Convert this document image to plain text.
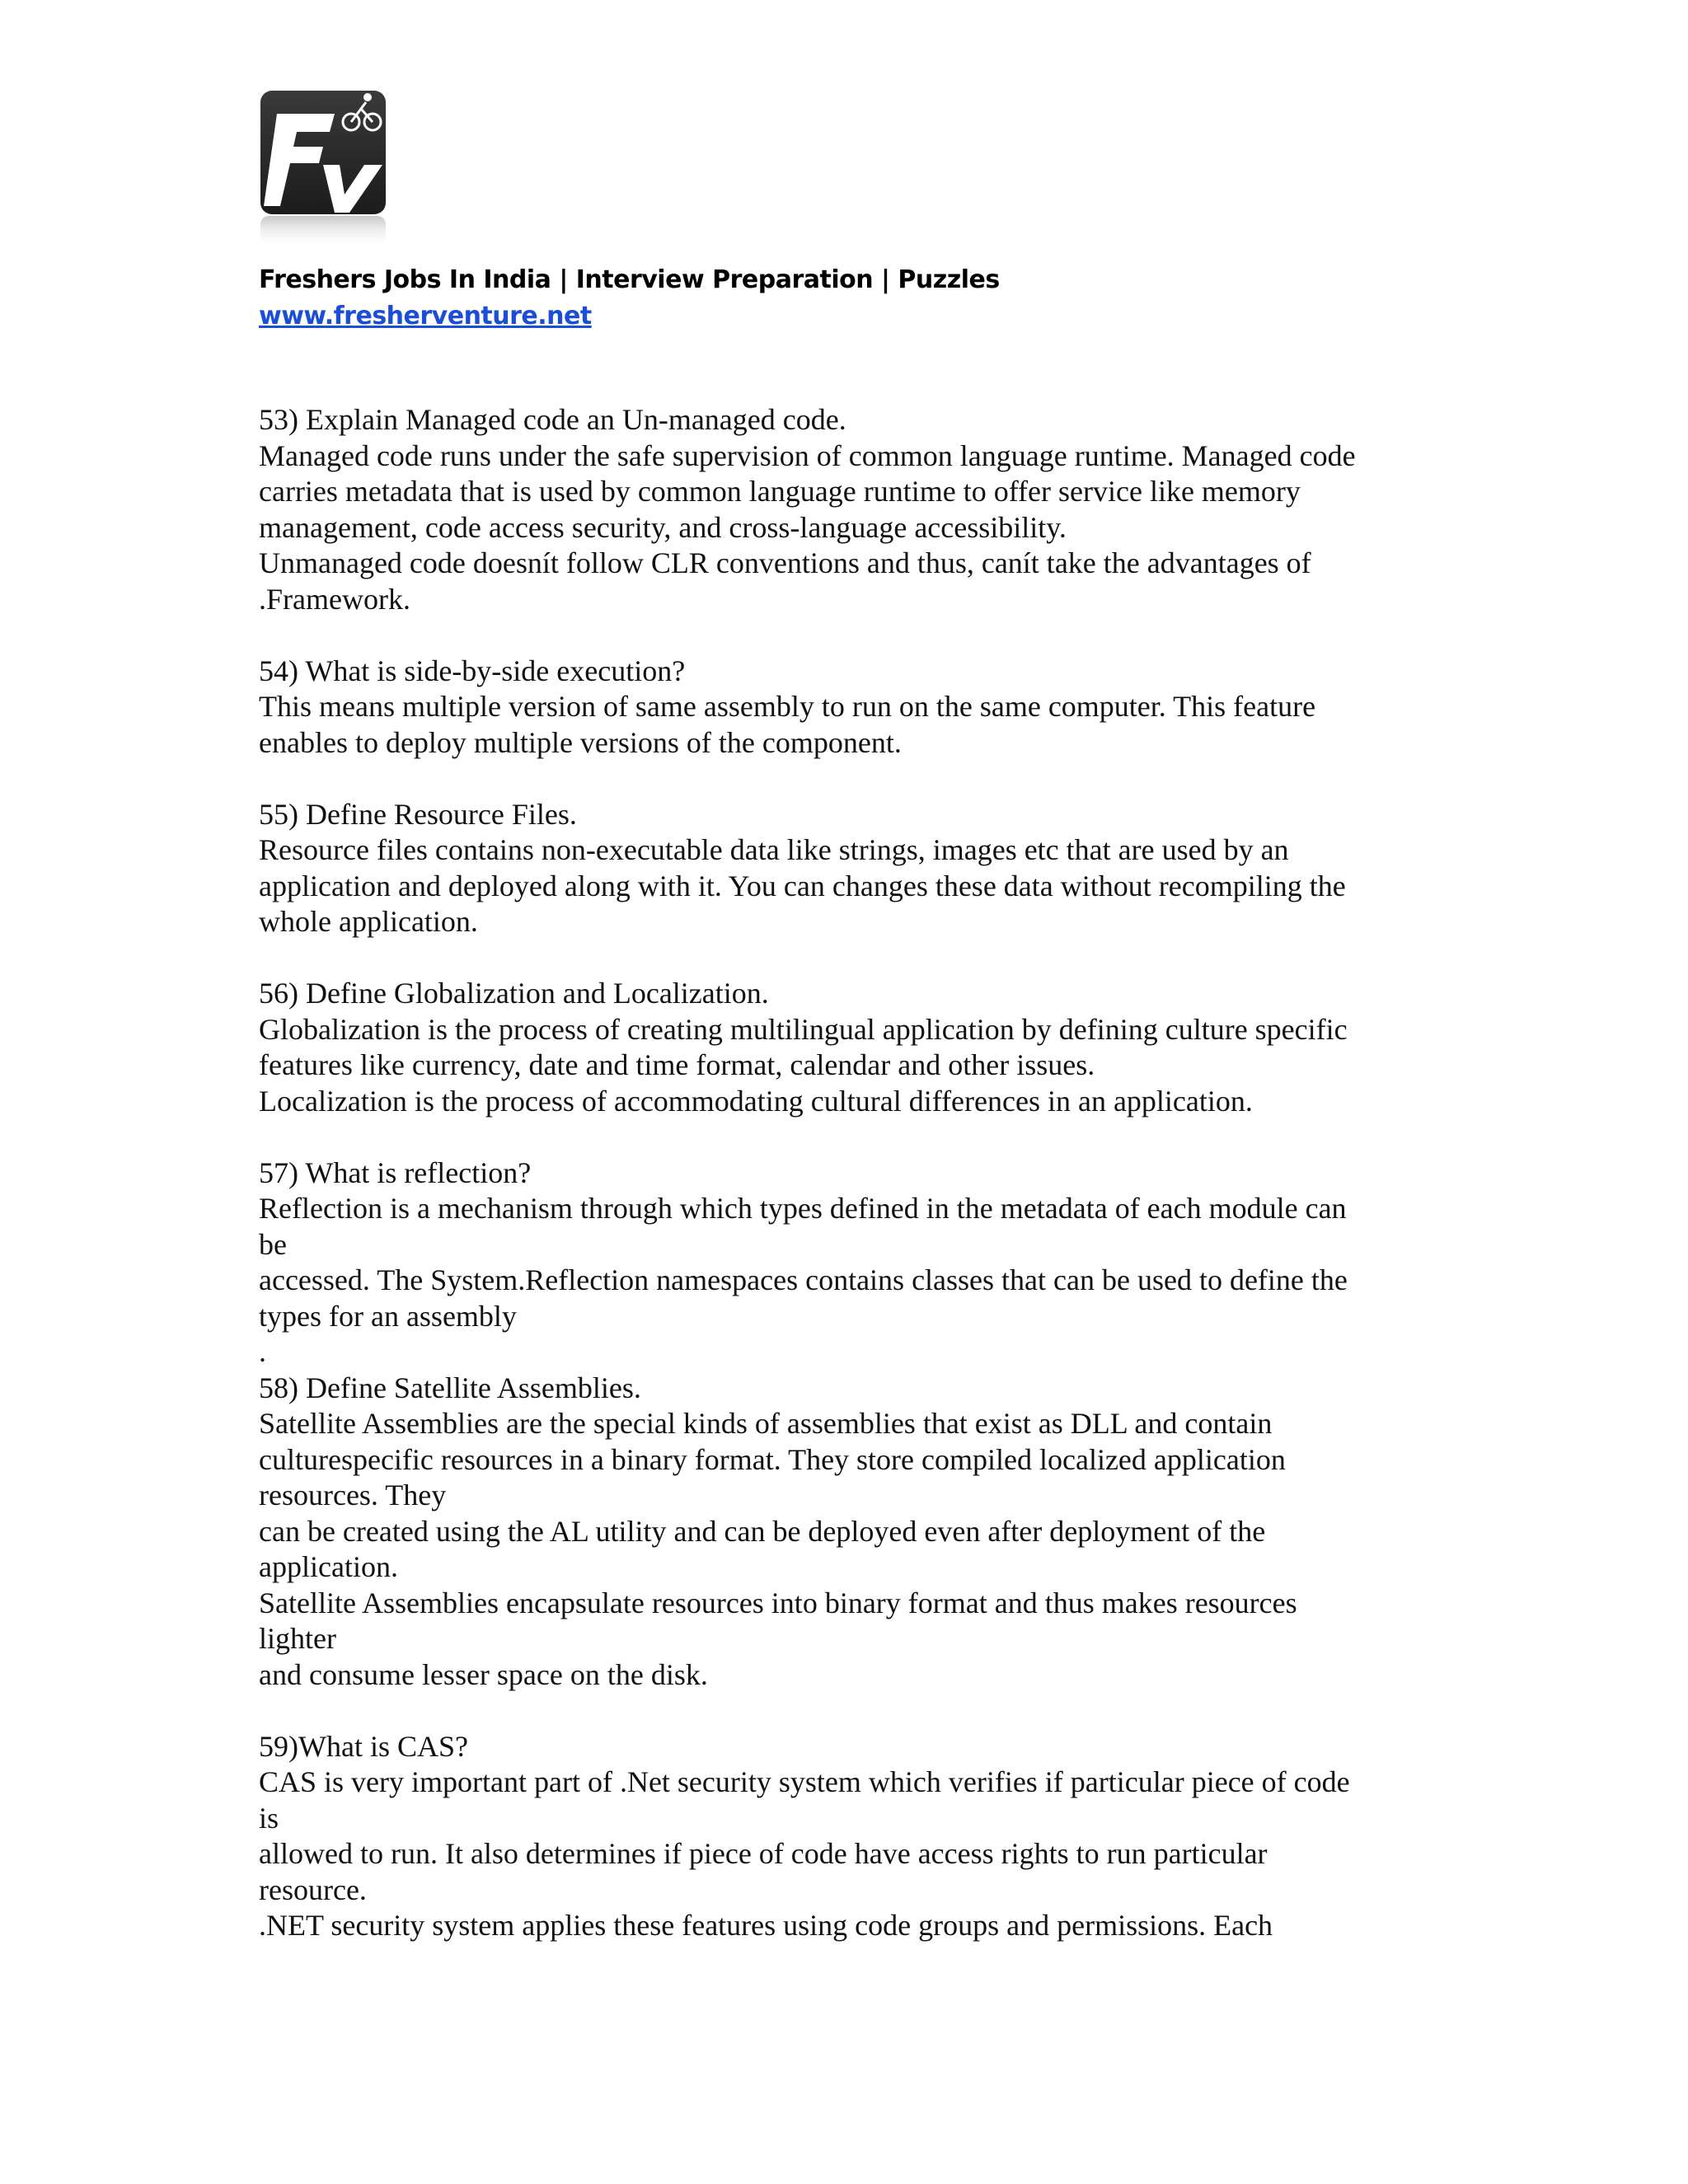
Freshers Jobs In India | Interview Preparation | Puzzles
www.fresherventure.net

53) Explain Managed code an Un-managed code.

Managed code runs under the safe supervision of common language runtime. Managed code

carries metadata that is used by common language runtime to offer service like memory

management, code access security, and cross-language accessibility.

Unmanaged code doesnít follow CLR conventions and thus, canít take the advantages of

.Framework.

54) What is side-by-side execution?

This means multiple version of same assembly to run on the same computer. This feature

enables to deploy multiple versions of the component.

55) Define Resource Files.

Resource files contains non-executable data like strings, images etc that are used by an

application and deployed along with it. You can changes these data without recompiling the

whole application.

56) Define Globalization and Localization.

Globalization is the process of creating multilingual application by defining culture specific

features like currency, date and time format, calendar and other issues.

Localization is the process of accommodating cultural differences in an application.

57) What is reflection?

Reflection is a mechanism through which types defined in the metadata of each module can

be

accessed. The System.Reflection namespaces contains classes that can be used to define the

types for an assembly

.

58) Define Satellite Assemblies.

Satellite Assemblies are the special kinds of assemblies that exist as DLL and contain

culturespecific resources in a binary format. They store compiled localized application

resources. They

can be created using the AL utility and can be deployed even after deployment of the

application.

Satellite Assemblies encapsulate resources into binary format and thus makes resources

lighter

and consume lesser space on the disk.

59)What is CAS?

CAS is very important part of .Net security system which verifies if particular piece of code

is

allowed to run. It also determines if piece of code have access rights to run particular

resource.

.NET security system applies these features using code groups and permissions. Each
